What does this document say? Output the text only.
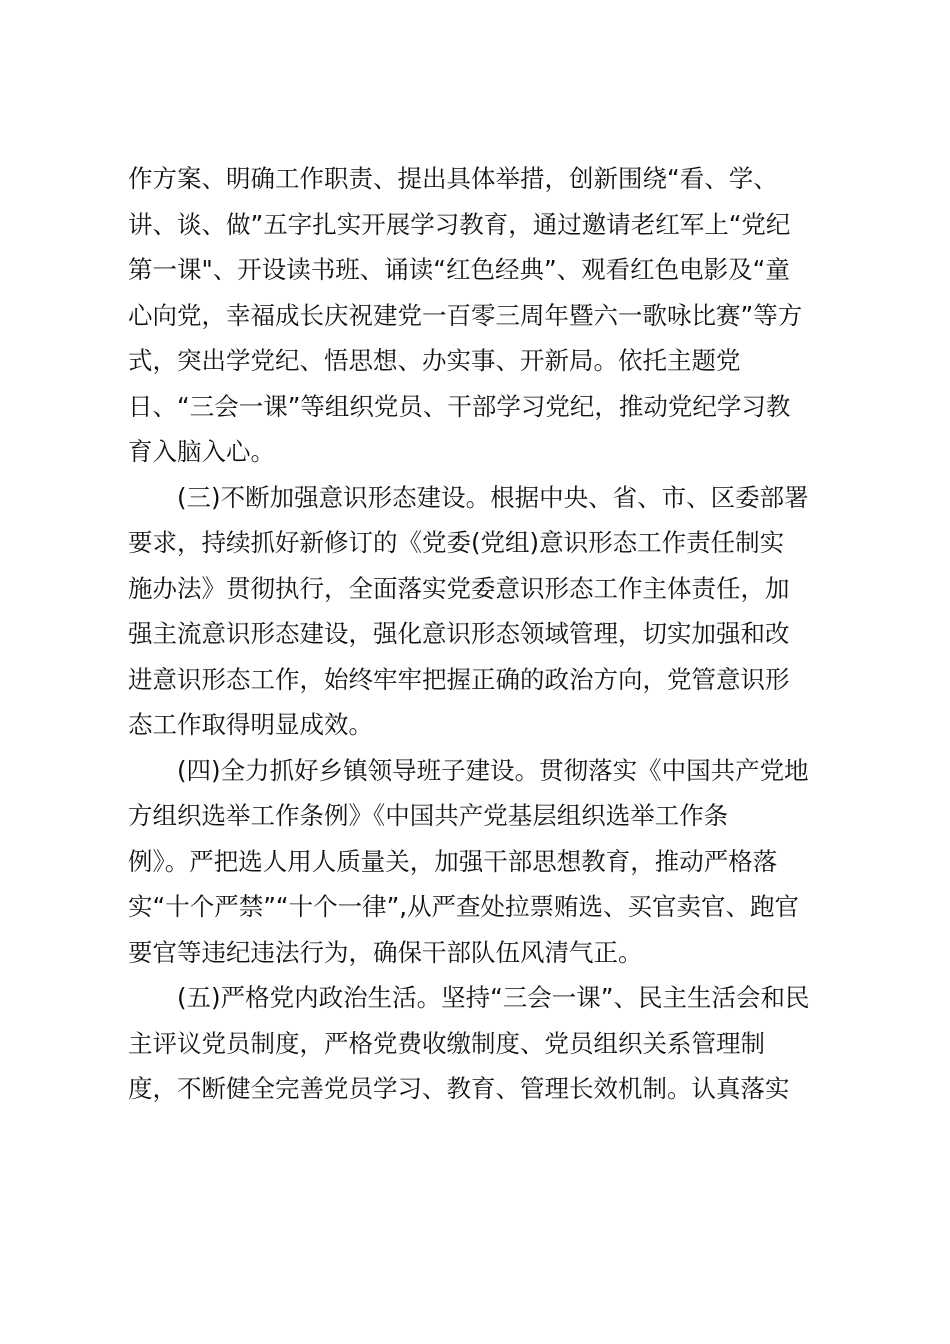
作方案、明确工作职责、提出具体举措，创新围绕“看、学、
讲、谈、做”五字扎实开展学习教育，通过邀请老红军上“党纪
第一课"、开设读书班、诵读“红色经典”、观看红色电影及“童
心向党，幸福成长庆祝建党一百零三周年暨六一歌咏比赛”等方
式，突出学党纪、悟思想、办实事、开新局。依托主题党
日、“三会一课”等组织党员、干部学习党纪，推动党纪学习教
育入脑入心。
(三)不断加强意识形态建设。根据中央、省、市、区委部署
要求，持续抓好新修订的《党委(党组)意识形态工作责任制实
施办法》贯彻执行，全面落实党委意识形态工作主体责任，加
强主流意识形态建设，强化意识形态领域管理，切实加强和改
进意识形态工作，始终牢牢把握正确的政治方向，党管意识形
态工作取得明显成效。
(四)全力抓好乡镇领导班子建设。贯彻落实《中国共产党地
方组织选举工作条例》《中国共产党基层组织选举工作条
例》。严把选人用人质量关，加强干部思想教育，推动严格落
实“十个严禁”“十个一律”,从严查处拉票贿选、买官卖官、跑官
要官等违纪违法行为，确保干部队伍风清气正。
(五)严格党内政治生活。坚持“三会一课”、民主生活会和民
主评议党员制度，严格党费收缴制度、党员组织关系管理制
度，不断健全完善党员学习、教育、管理长效机制。认真落实
